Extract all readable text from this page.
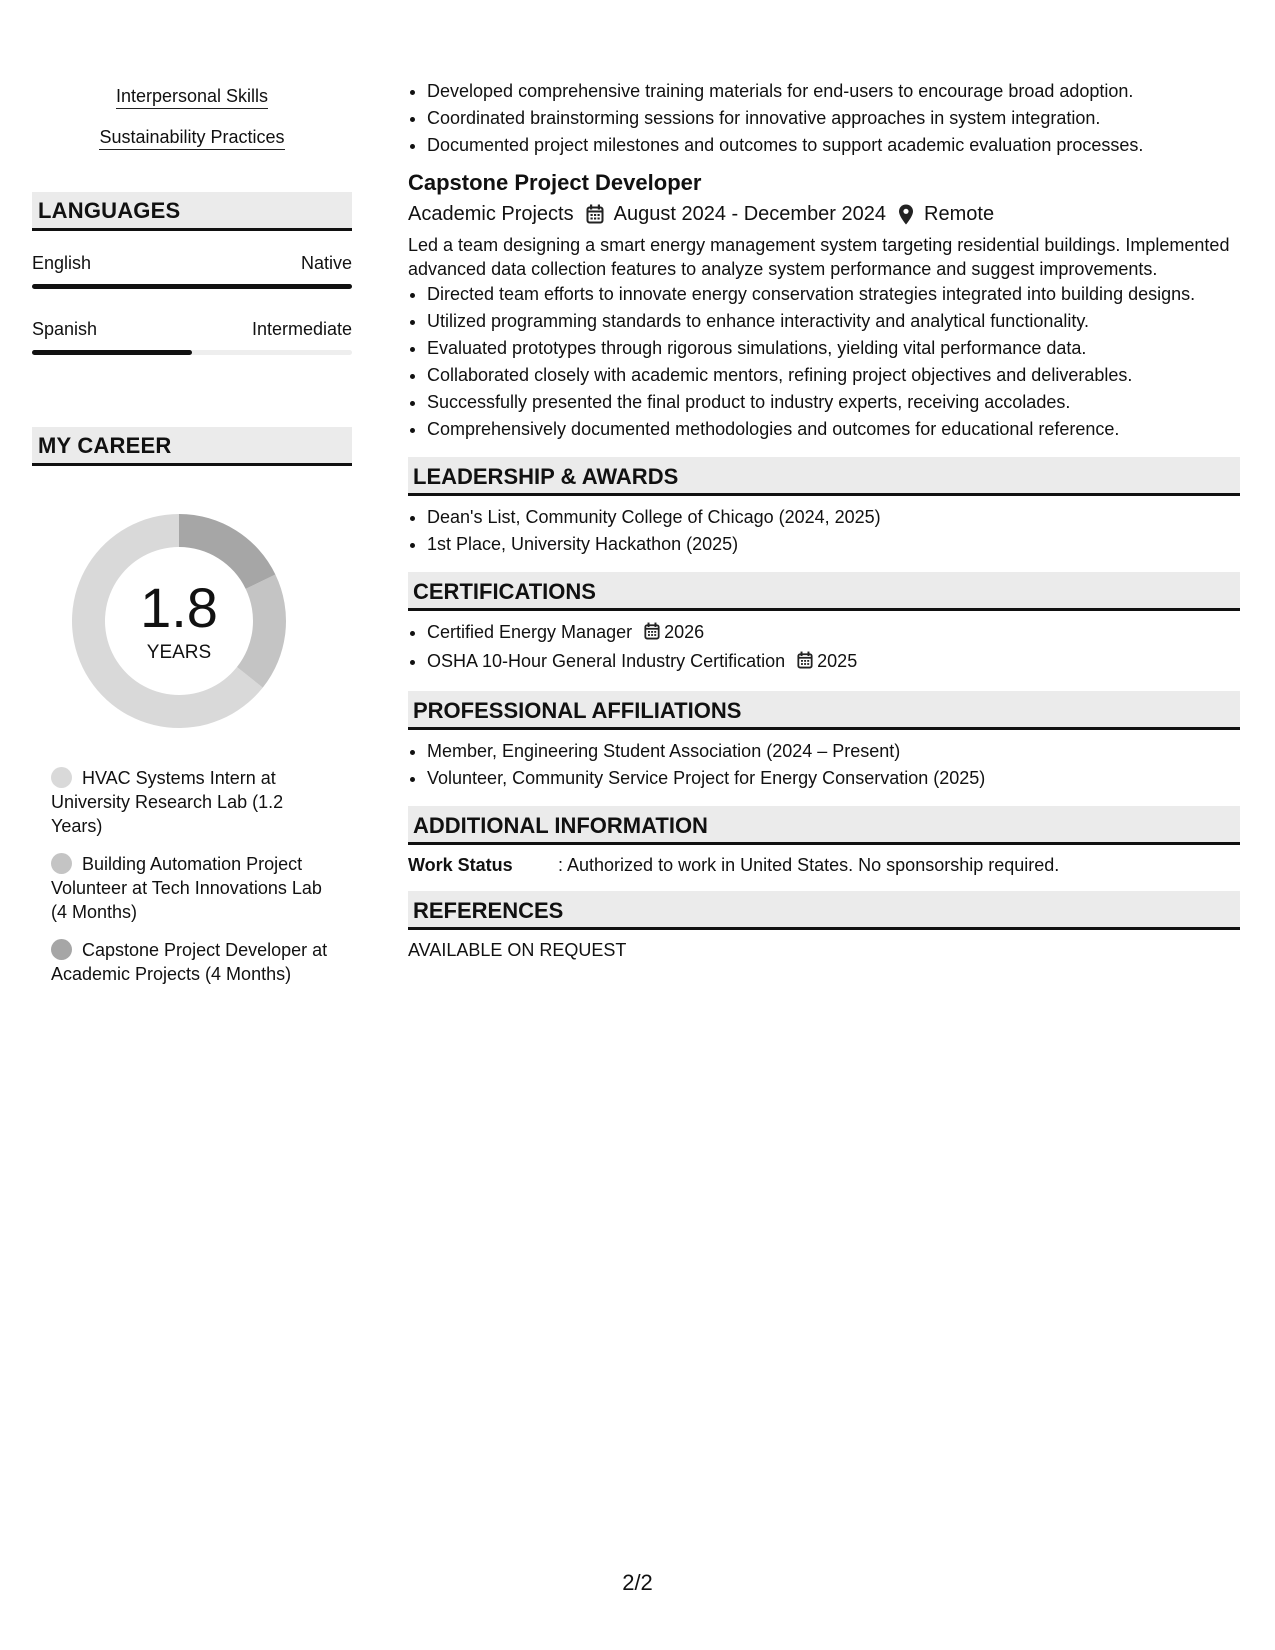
Interpersonal Skills
Sustainability Practices
LANGUAGES
English	Native
Spanish	Intermediate
MY CAREER
1.8
YEARS
HVAC Systems Intern at University Research Lab (1.2 Years)
Building Automation Project Volunteer at Tech Innovations Lab (4 Months)
Capstone Project Developer at Academic Projects (4 Months)
• Developed comprehensive training materials for end-users to encourage broad adoption.
• Coordinated brainstorming sessions for innovative approaches in system integration.
• Documented project milestones and outcomes to support academic evaluation processes.
Capstone Project Developer
Academic Projects August 2024 - December 2024 Remote
Led a team designing a smart energy management system targeting residential buildings. Implemented advanced data collection features to analyze system performance and suggest improvements.
• Directed team efforts to innovate energy conservation strategies integrated into building designs.
• Utilized programming standards to enhance interactivity and analytical functionality.
• Evaluated prototypes through rigorous simulations, yielding vital performance data.
• Collaborated closely with academic mentors, refining project objectives and deliverables.
• Successfully presented the final product to industry experts, receiving accolades.
• Comprehensively documented methodologies and outcomes for educational reference.
LEADERSHIP & AWARDS
• Dean's List, Community College of Chicago (2024, 2025)
• 1st Place, University Hackathon (2025)
CERTIFICATIONS
• Certified Energy Manager 2026
• OSHA 10-Hour General Industry Certification 2025
PROFESSIONAL AFFILIATIONS
• Member, Engineering Student Association (2024 – Present)
• Volunteer, Community Service Project for Energy Conservation (2025)
ADDITIONAL INFORMATION
Work Status	: Authorized to work in United States. No sponsorship required.
REFERENCES
AVAILABLE ON REQUEST
2/2
